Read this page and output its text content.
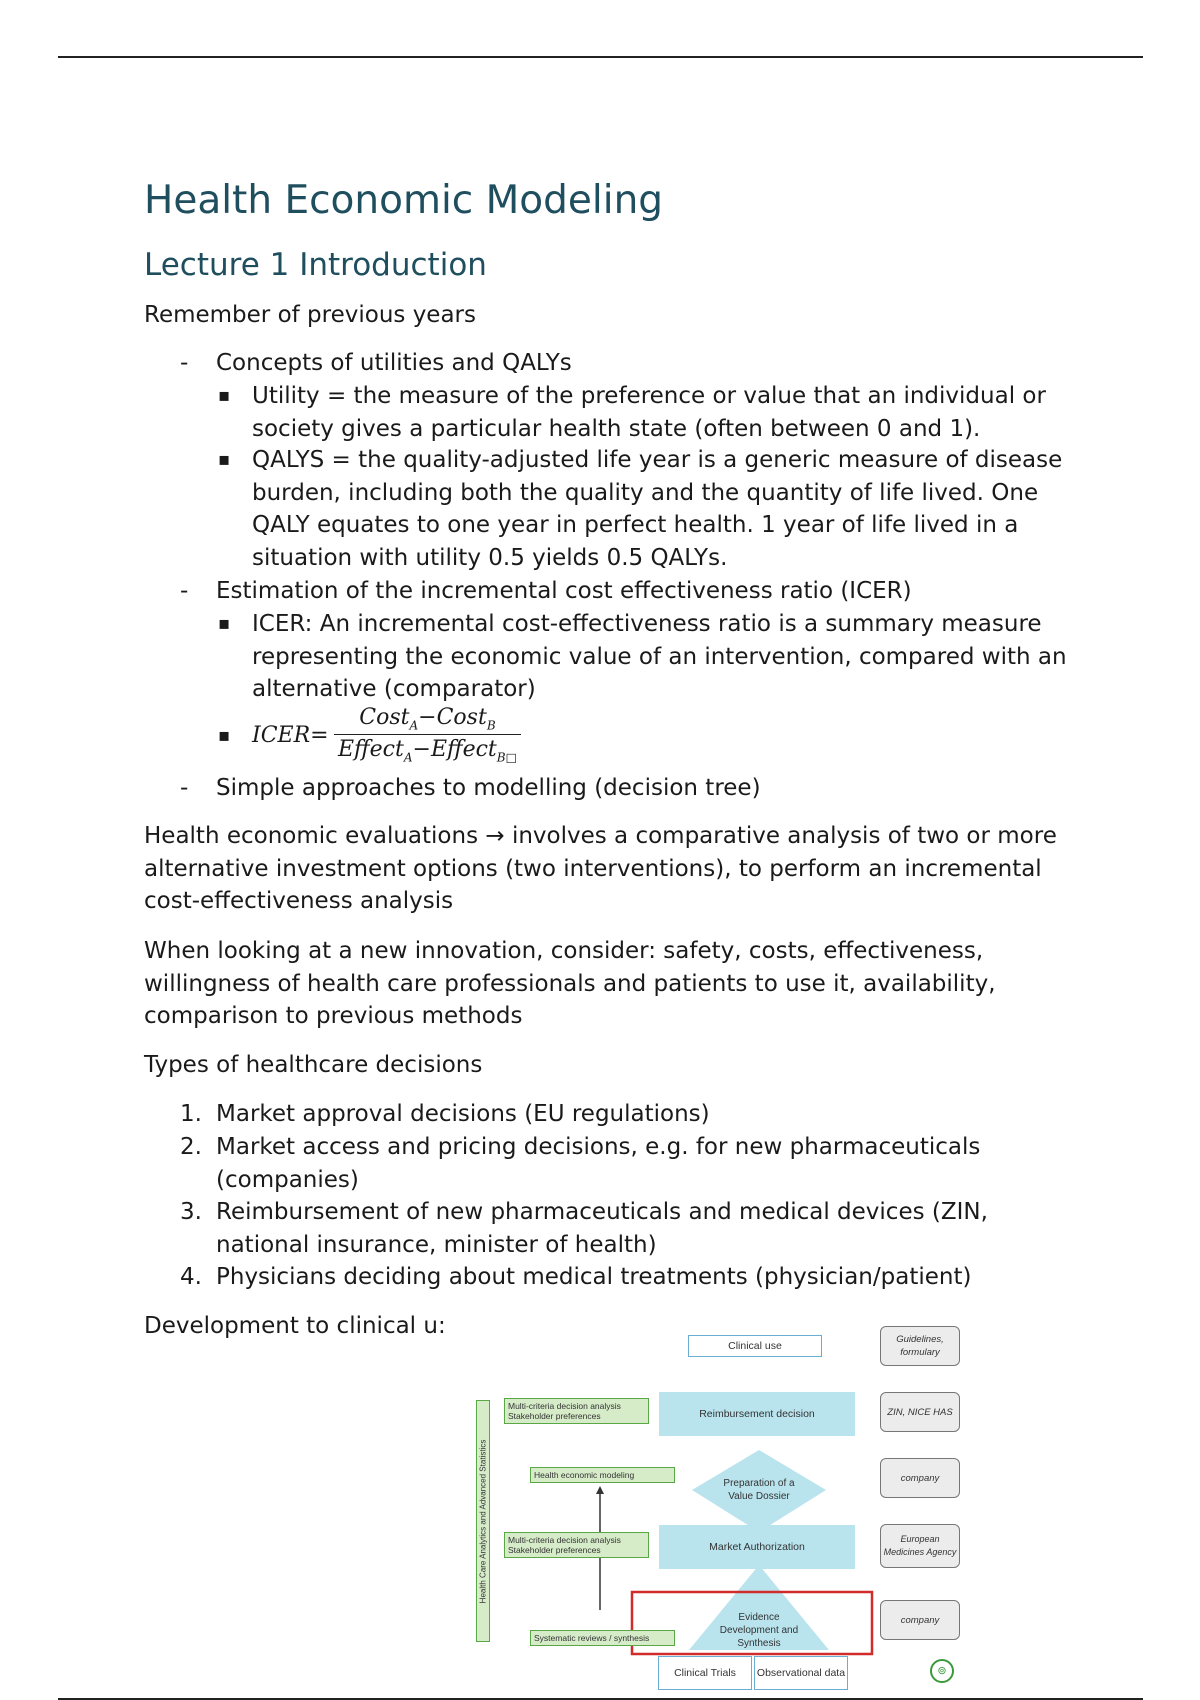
Health Economic Modeling
Lecture 1 Introduction

Remember of previous years

- Concepts of utilities and QALYs
▪ Utility = the measure of the preference or value that an individual or society gives a particular health state (often between 0 and 1).
▪ QALYS = the quality-adjusted life year is a generic measure of disease burden, including both the quality and the quantity of life lived. One QALY equates to one year in perfect health. 1 year of life lived in a situation with utility 0.5 yields 0.5 QALYs.
- Estimation of the incremental cost effectiveness ratio (ICER)
▪ ICER: An incremental cost-effectiveness ratio is a summary measure representing the economic value of an intervention, compared with an alternative (comparator)
▪ ICER=
Cost$_A$−Cost$_B$
Effect$_A$−Effect$_{B□}$
- Simple approaches to modelling (decision tree)

Health economic evaluations → involves a comparative analysis of two or more alternative investment options (two interventions), to perform an incremental cost-effectiveness analysis

When looking at a new innovation, consider: safety, costs, effectiveness, willingness of health care professionals and patients to use it, availability, comparison to previous methods

Types of healthcare decisions

1. Market approval decisions (EU regulations)
2. Market access and pricing decisions, e.g. for new pharmaceuticals (companies)
3. Reimbursement of new pharmaceuticals and medical devices (ZIN, national insurance, minister of health)
4. Physicians deciding about medical treatments (physician/patient)

Development to clinical u:

Health Care Analytics and Advanced Statistics
Clinical use
Reimbursement decision
Preparation of a Value Dossier
Market Authorization
Evidence Development and Synthesis
Clinical Trials	Observational data
Multi-criteria decision analysis Stakeholder preferences
Health economic modeling
Multi-criteria decision analysis Stakeholder preferences
Systematic reviews / synthesis
Guidelines, formulary
ZIN, NICE HAS
company
European Medicines Agency
company
⊚
